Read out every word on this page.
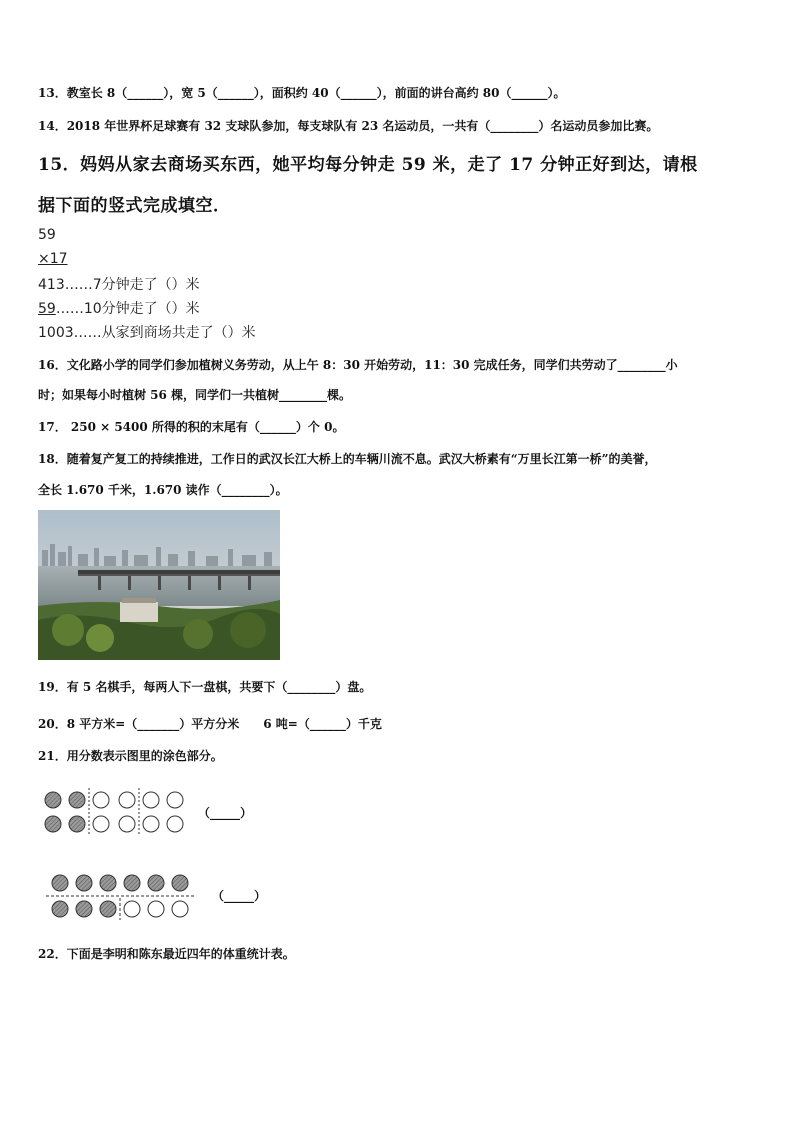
13．教室长 8（______），宽 5（______），面积约 40（______），前面的讲台高约 80（______）。
14．2018 年世界杯足球赛有 32 支球队参加，每支球队有 23 名运动员，一共有（________）名运动员参加比赛。
15．妈妈从家去商场买东西，她平均每分钟走 59 米，走了 17 分钟正好到达，请根
据下面的竖式完成填空．
59
×17
413……7分钟走了（）米
59……10分钟走了（）米
1003……从家到商场共走了（）米
16．文化路小学的同学们参加植树义务劳动，从上午 8：30 开始劳动，11：30 完成任务，同学们共劳动了________小
时；如果每小时植树 56 棵，同学们一共植树________棵。
17． 250 × 5400 所得的积的末尾有（______）个 0。
18．随着复产复工的持续推进，工作日的武汉长江大桥上的车辆川流不息。武汉大桥素有“万里长江第一桥”的美誉，
全长 1.670 千米，1.670 读作（________）。
19．有 5 名棋手，每两人下一盘棋，共要下（________）盘。
20．8 平方米=（_______）平方分米　　6 吨=（______）千克
21．用分数表示图里的涂色部分。
（_____）
（_____）
22．下面是李明和陈东最近四年的体重统计表。
